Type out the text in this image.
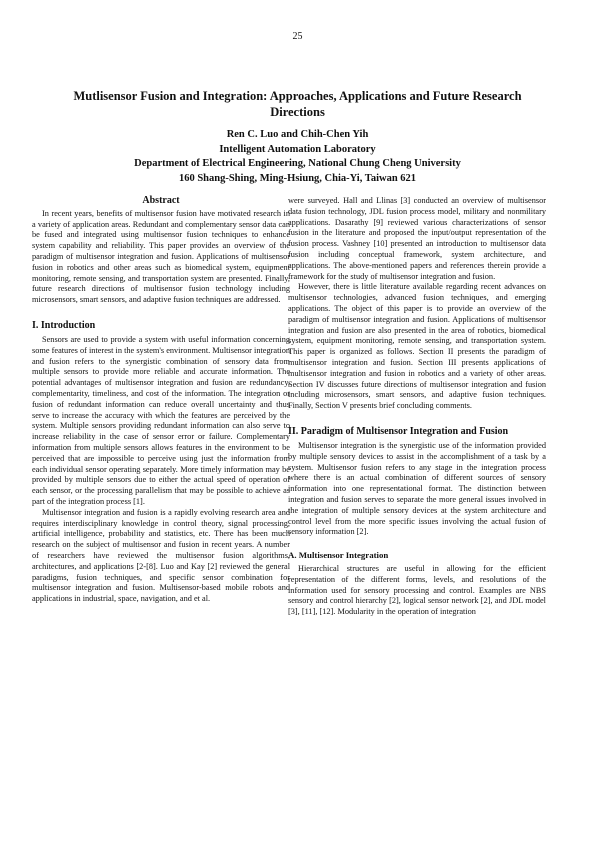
25
Mutlisensor Fusion and Integration: Approaches, Applications and Future Research Directions
Ren C. Luo and Chih-Chen Yih
Intelligent Automation Laboratory
Department of Electrical Engineering, National Chung Cheng University
160 Shang-Shing, Ming-Hsiung, Chia-Yi, Taiwan 621
Abstract

In recent years, benefits of multisensor fusion have motivated research in a variety of application areas. Redundant and complementary sensor data can be fused and integrated using multisensor fusion techniques to enhance system capability and reliability. This paper provides an overview of the paradigm of multisensor integration and fusion. Applications of multisensor fusion in robotics and other areas such as biomedical system, equipment monitoring, remote sensing, and transportation system are presented. Finally, future research directions of multisensor fusion technology including microsensors, smart sensors, and adaptive fusion techniques are addressed.

I. Introduction

Sensors are used to provide a system with useful information concerning some features of interest in the system's environment. Multisensor integration and fusion refers to the synergistic combination of sensory data from multiple sensors to provide more reliable and accurate information. The potential advantages of multisensor integration and fusion are redundancy, complementarity, timeliness, and cost of the information. The integration or fusion of redundant information can reduce overall uncertainty and thus serve to increase the accuracy with which the features are perceived by the system. Multiple sensors providing redundant information can also serve to increase reliability in the case of sensor error or failure. Complementary information from multiple sensors allows features in the environment to be perceived that are impossible to perceive using just the information from each individual sensor operating separately. More timely information may be provided by multiple sensors due to either the actual speed of operation of each sensor, or the processing parallelism that may be possible to achieve as part of the integration process [1].

Multisensor integration and fusion is a rapidly evolving research area and requires interdisciplinary knowledge in control theory, signal processing, artificial intelligence, probability and statistics, etc. There has been much research on the subject of multisensor and fusion in recent years. A number of researchers have reviewed the multisensor fusion algorithms, architectures, and applications [2-[8]. Luo and Kay [2] reviewed the general paradigms, fusion techniques, and specific sensor combination for multisensor integration and fusion. Multisensor-based mobile robots and applications in industrial, space, navigation, and et al.

were surveyed. Hall and Llinas [3] conducted an overview of multisensor data fusion technology, JDL fusion process model, military and nonmilitary applications. Dasarathy [9] reviewed various characterizations of sensor fusion in the literature and proposed the input/output representation of the fusion process. Vashney [10] presented an introduction to multisensor data fusion including conceptual framework, system architecture, and applications. The above-mentioned papers and references therein provide a framework for the study of multisensor integration and fusion.

However, there is little literature available regarding recent advances on multisensor technologies, advanced fusion techniques, and emerging applications. The object of this paper is to provide an overview of the paradigm of multisensor integration and fusion. Applications of multisensor integration and fusion are also presented in the area of robotics, biomedical system, equipment monitoring, remote sensing, and transportation system. This paper is organized as follows. Section II presents the paradigm of multisensor integration and fusion. Section III presents applications of multisensor integration and fusion in robotics and a variety of other areas. Section IV discusses future directions of multisensor integration and fusion including microsensors, smart sensors, and adaptive fusion techniques. Finally, Section V presents brief concluding comments.

II. Paradigm of Multisensor Integration and Fusion

Multisensor integration is the synergistic use of the information provided by multiple sensory devices to assist in the accomplishment of a task by a system. Multisensor fusion refers to any stage in the integration process where there is an actual combination of different sources of sensory information into one representational format. The distinction between integration and fusion serves to separate the more general issues involved in the integration of multiple sensory devices at the system architecture and control level from the more specific issues involving the actual fusion of sensory information [2].

A. Multisensor Integration

Hierarchical structures are useful in allowing for the efficient representation of the different forms, levels, and resolutions of the information used for sensory processing and control. Examples are NBS sensory and control hierarchy [2], logical sensor network [2], and JDL model [3], [11], [12]. Modularity in the operation of integration
